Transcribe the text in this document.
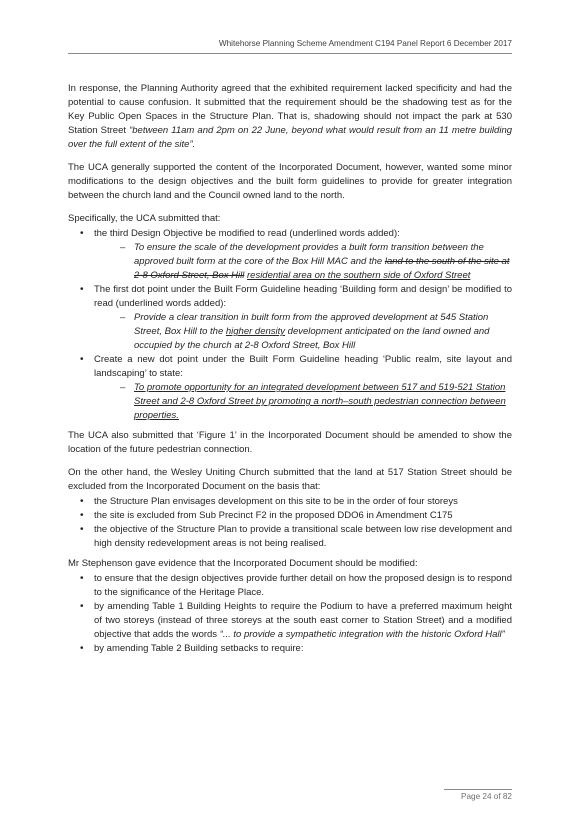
Whitehorse Planning Scheme Amendment C194 Panel Report 6 December 2017

In response, the Planning Authority agreed that the exhibited requirement lacked specificity and had the potential to cause confusion. It submitted that the requirement should be the shadowing test as for the Key Public Open Spaces in the Structure Plan. That is, shadowing should not impact the park at 530 Station Street “between 11am and 2pm on 22 June, beyond what would result from an 11 metre building over the full extent of the site”.

The UCA generally supported the content of the Incorporated Document, however, wanted some minor modifications to the design objectives and the built form guidelines to provide for greater integration between the church land and the Council owned land to the north.

Specifically, the UCA submitted that:

• the third Design Objective be modified to read (underlined words added):
– To ensure the scale of the development provides a built form transition between the approved built form at the core of the Box Hill MAC and the land to the south of the site at 2-8 Oxford Street, Box Hill residential area on the southern side of Oxford Street
• The first dot point under the Built Form Guideline heading ‘Building form and design’ be modified to read (underlined words added):
– Provide a clear transition in built form from the approved development at 545 Station Street, Box Hill to the higher density development anticipated on the land owned and occupied by the church at 2-8 Oxford Street, Box Hill
• Create a new dot point under the Built Form Guideline heading ‘Public realm, site layout and landscaping’ to state:
– To promote opportunity for an integrated development between 517 and 519-521 Station Street and 2-8 Oxford Street by promoting a north–south pedestrian connection between properties.

The UCA also submitted that ‘Figure 1’ in the Incorporated Document should be amended to show the location of the future pedestrian connection.

On the other hand, the Wesley Uniting Church submitted that the land at 517 Station Street should be excluded from the Incorporated Document on the basis that:

• the Structure Plan envisages development on this site to be in the order of four storeys
• the site is excluded from Sub Precinct F2 in the proposed DDO6 in Amendment C175
• the objective of the Structure Plan to provide a transitional scale between low rise development and high density redevelopment areas is not being realised.

Mr Stephenson gave evidence that the Incorporated Document should be modified:

• to ensure that the design objectives provide further detail on how the proposed design is to respond to the significance of the Heritage Place.
• by amending Table 1 Building Heights to require the Podium to have a preferred maximum height of two storeys (instead of three storeys at the south east corner to Station Street) and a modified objective that adds the words “... to provide a sympathetic integration with the historic Oxford Hall”
• by amending Table 2 Building setbacks to require:
Page 24 of 82
